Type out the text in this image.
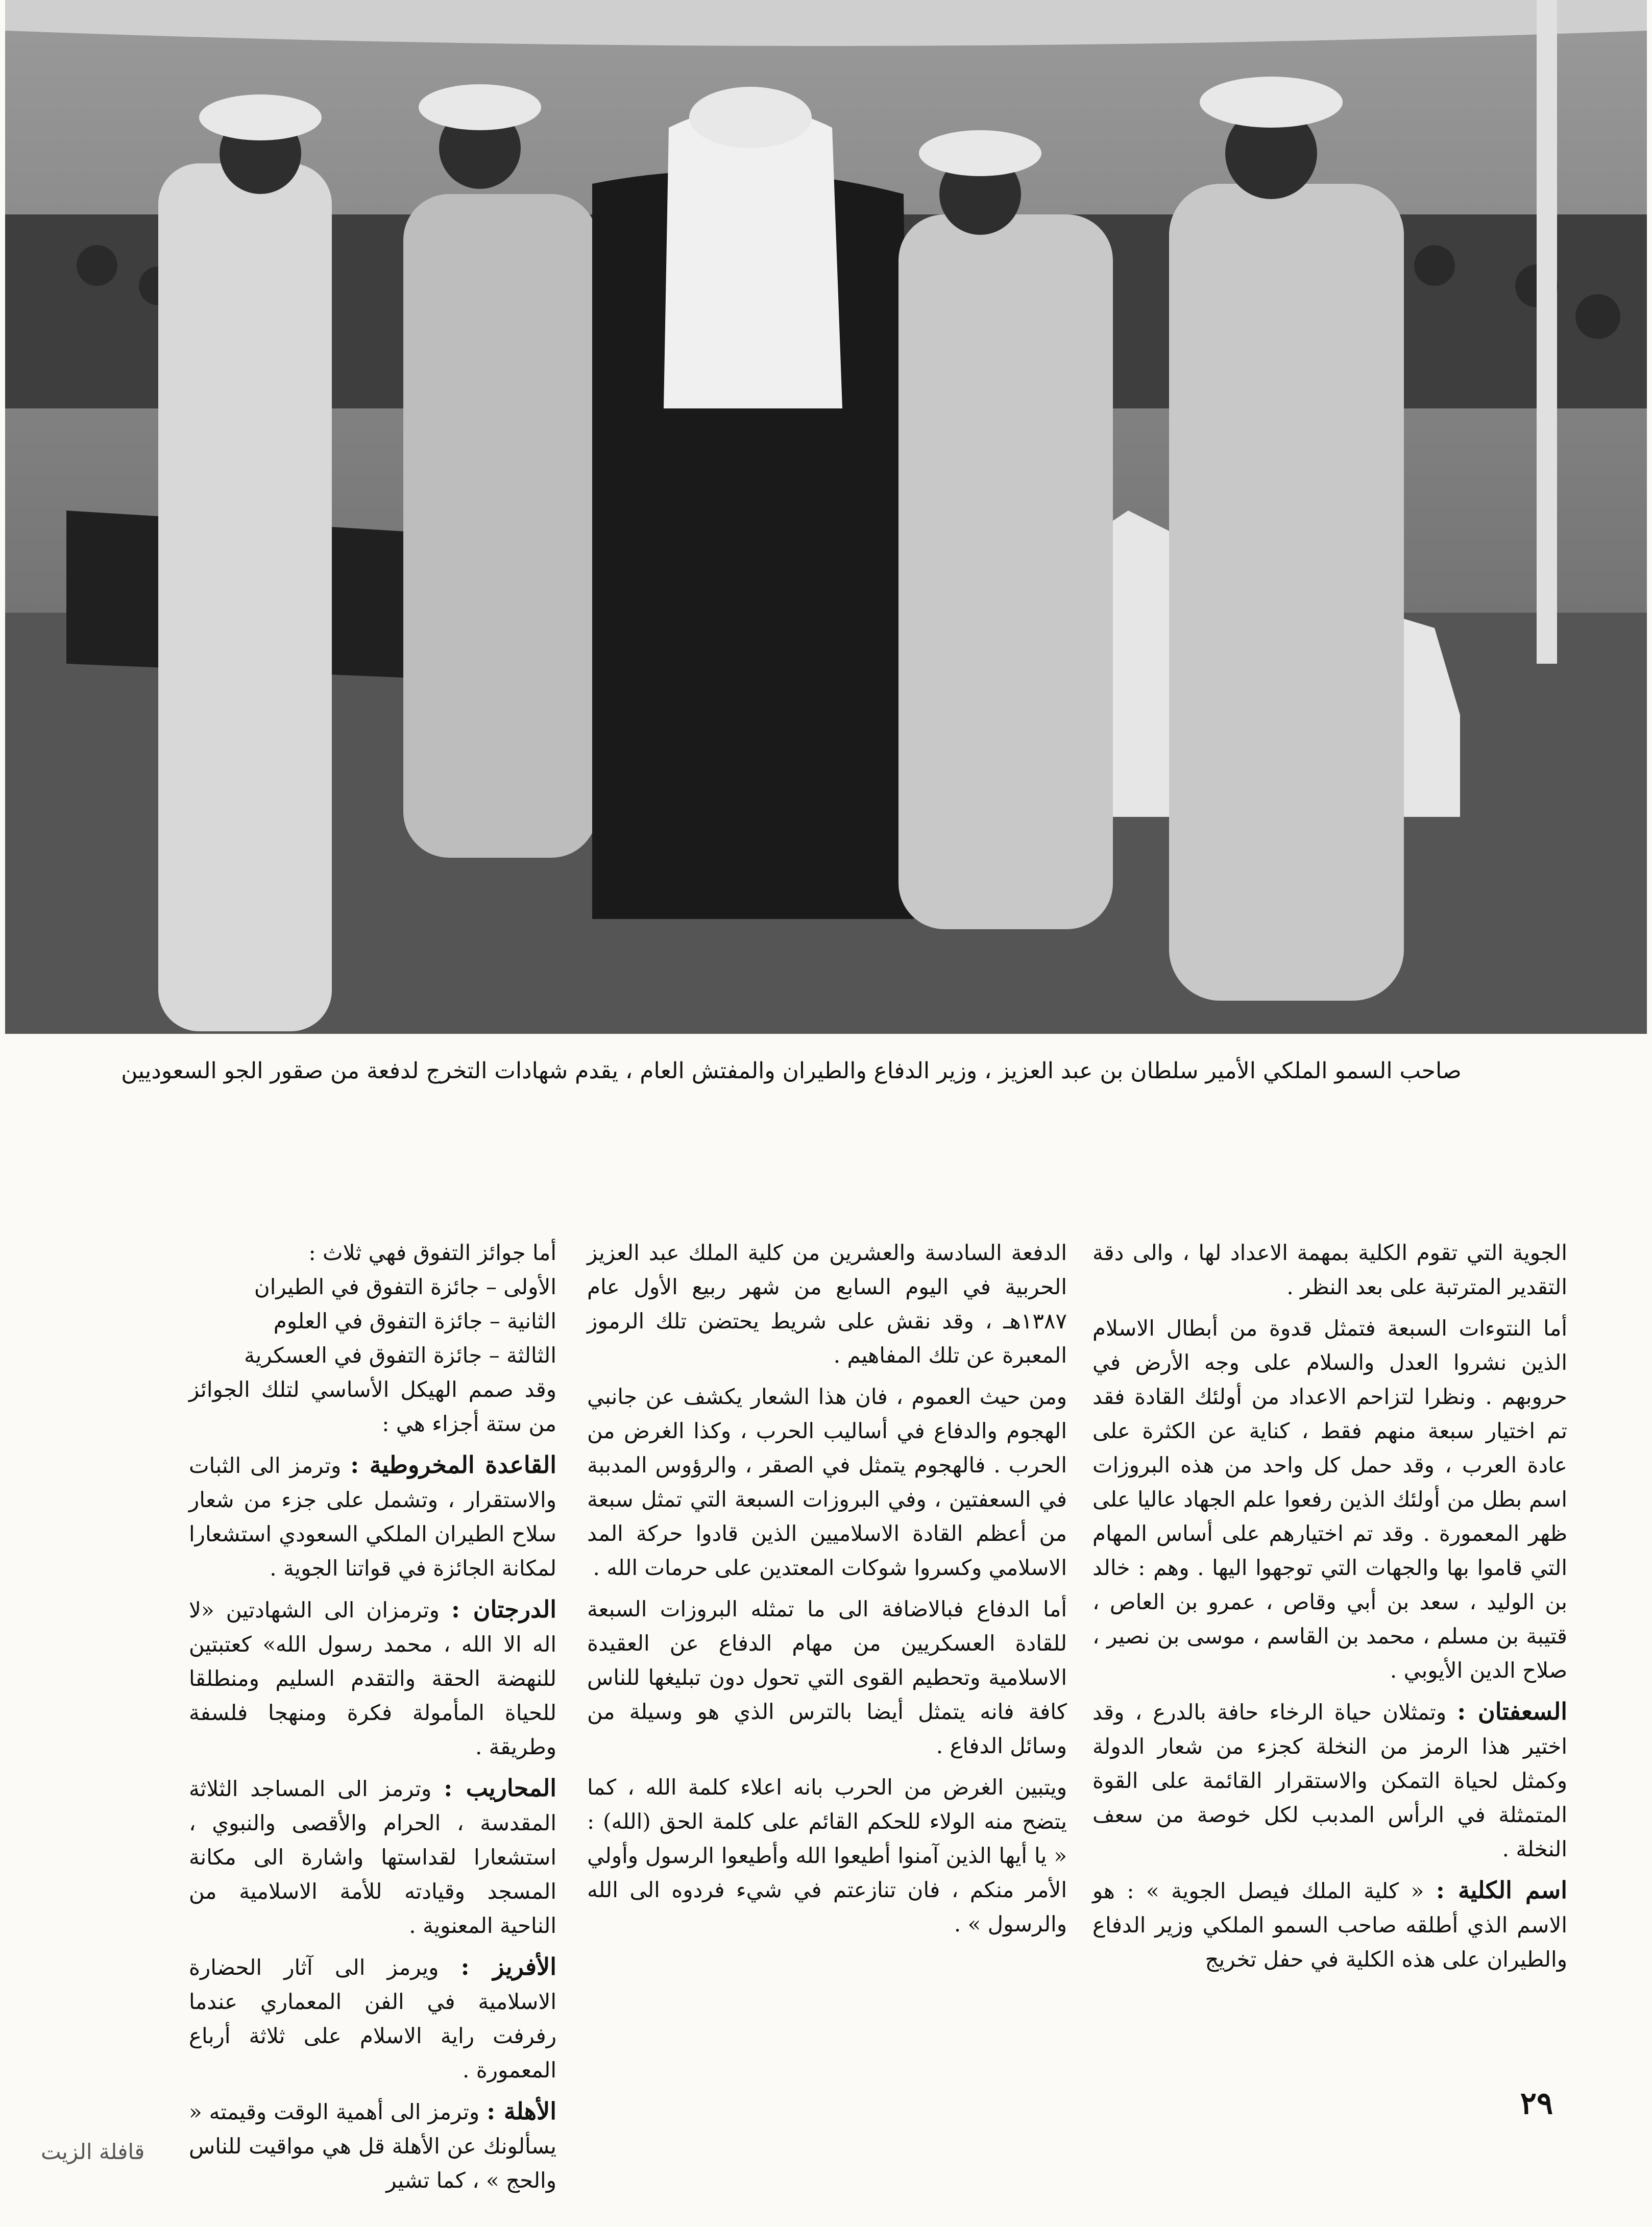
صاحب السمو الملكي الأمير سلطان بن عبد العزيز ، وزير الدفاع والطيران والمفتش العام ، يقدم شهادات التخرج لدفعة من صقور الجو السعوديين

الجوية التي تقوم الكلية بمهمة الاعداد لها ، والى دقة التقدير المترتبة على بعد النظر .

أما النتوءات السبعة فتمثل قدوة من أبطال الاسلام الذين نشروا العدل والسلام على وجه الأرض في حروبهم . ونظرا لتزاحم الاعداد من أولئك القادة فقد تم اختيار سبعة منهم فقط ، كناية عن الكثرة على عادة العرب ، وقد حمل كل واحد من هذه البروزات اسم بطل من أولئك الذين رفعوا علم الجهاد عاليا على ظهر المعمورة . وقد تم اختيارهم على أساس المهام التي قاموا بها والجهات التي توجهوا اليها . وهم : خالد بن الوليد ، سعد بن أبي وقاص ، عمرو بن العاص ، قتيبة بن مسلم ، محمد بن القاسم ، موسى بن نصير ، صلاح الدين الأيوبي .

السعفتان : وتمثلان حياة الرخاء حافة بالدرع ، وقد اختير هذا الرمز من النخلة كجزء من شعار الدولة وكمثل لحياة التمكن والاستقرار القائمة على القوة المتمثلة في الرأس المدبب لكل خوصة من سعف النخلة .

اسم الكلية : « كلية الملك فيصل الجوية » : هو الاسم الذي أطلقه صاحب السمو الملكي وزير الدفاع والطيران على هذه الكلية في حفل تخريج

الدفعة السادسة والعشرين من كلية الملك عبد العزيز الحربية في اليوم السابع من شهر ربيع الأول عام ١٣٨٧هـ ، وقد نقش على شريط يحتضن تلك الرموز المعبرة عن تلك المفاهيم .

ومن حيث العموم ، فان هذا الشعار يكشف عن جانبي الهجوم والدفاع في أساليب الحرب ، وكذا الغرض من الحرب . فالهجوم يتمثل في الصقر ، والرؤوس المدببة في السعفتين ، وفي البروزات السبعة التي تمثل سبعة من أعظم القادة الاسلاميين الذين قادوا حركة المد الاسلامي وكسروا شوكات المعتدين على حرمات الله .

أما الدفاع فبالاضافة الى ما تمثله البروزات السبعة للقادة العسكريين من مهام الدفاع عن العقيدة الاسلامية وتحطيم القوى التي تحول دون تبليغها للناس كافة فانه يتمثل أيضا بالترس الذي هو وسيلة من وسائل الدفاع .

ويتبين الغرض من الحرب بانه اعلاء كلمة الله ، كما يتضح منه الولاء للحكم القائم على كلمة الحق (الله) : « يا أيها الذين آمنوا أطيعوا الله وأطيعوا الرسول وأولي الأمر منكم ، فان تنازعتم في شيء فردوه الى الله والرسول » .

أما جوائز التفوق فهي ثلاث :

الأولى – جائزة التفوق في الطيران

الثانية – جائزة التفوق في العلوم

الثالثة – جائزة التفوق في العسكرية

وقد صمم الهيكل الأساسي لتلك الجوائز من ستة أجزاء هي :

القاعدة المخروطية : وترمز الى الثبات والاستقرار ، وتشمل على جزء من شعار سلاح الطيران الملكي السعودي استشعارا لمكانة الجائزة في قواتنا الجوية .

الدرجتان : وترمزان الى الشهادتين «لا اله الا الله ، محمد رسول الله» كعتبتين للنهضة الحقة والتقدم السليم ومنطلقا للحياة المأمولة فكرة ومنهجا فلسفة وطريقة .

المحاريب : وترمز الى المساجد الثلاثة المقدسة ، الحرام والأقصى والنبوي ، استشعارا لقداستها واشارة الى مكانة المسجد وقيادته للأمة الاسلامية من الناحية المعنوية .

الأفريز : ويرمز الى آثار الحضارة الاسلامية في الفن المعماري عندما رفرفت راية الاسلام على ثلاثة أرباع المعمورة .

الأهلة : وترمز الى أهمية الوقت وقيمته « يسألونك عن الأهلة قل هي مواقيت للناس والحج » ، كما تشير

٢٩
قافلة الزيت
